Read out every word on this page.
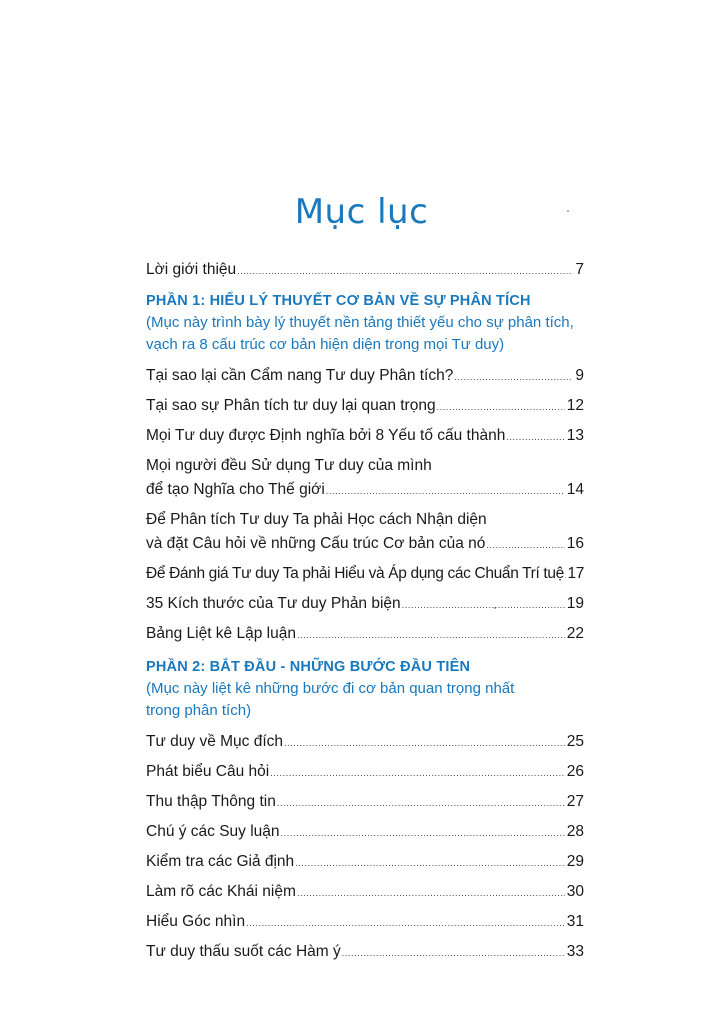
Mục lục
Lời giới thiệu .....	7
PHẦN 1: HIỂU LÝ THUYẾT CƠ BẢN VỀ SỰ PHÂN TÍCH
(Mục này trình bày lý thuyết nền tảng thiết yếu cho sự phân tích,
vạch ra 8 cấu trúc cơ bản hiện diện trong mọi Tư duy)
Tại sao lại cần Cẩm nang Tư duy Phân tích? .....	9
Tại sao sự Phân tích tư duy lại quan trọng .....	12
Mọi Tư duy được Định nghĩa bởi 8 Yếu tố cấu thành .....	13
Mọi người đều Sử dụng Tư duy của mình
để tạo Nghĩa cho Thế giới .....	14
Để Phân tích Tư duy Ta phải Học cách Nhận diện
và đặt Câu hỏi về những Cấu trúc Cơ bản của nó .....	16
Để Đánh giá Tư duy Ta phải Hiểu và Áp dụng các Chuẩn Trí tuệ ..... 17
35 Kích thước của Tư duy Phản biện .....	19
Bảng Liệt kê Lập luận .....	22
PHẦN 2: BẮT ĐẦU - NHỮNG BƯỚC ĐẦU TIÊN
(Mục này liệt kê những bước đi cơ bản quan trọng nhất
trong phân tích)
Tư duy về Mục đích .....	25
Phát biểu Câu hỏi .....	26
Thu thập Thông tin .....	27
Chú ý các Suy luận .....	28
Kiểm tra các Giả định .....	29
Làm rõ các Khái niệm .....	30
Hiểu Góc nhìn .....	31
Tư duy thấu suốt các Hàm ý .....	33
